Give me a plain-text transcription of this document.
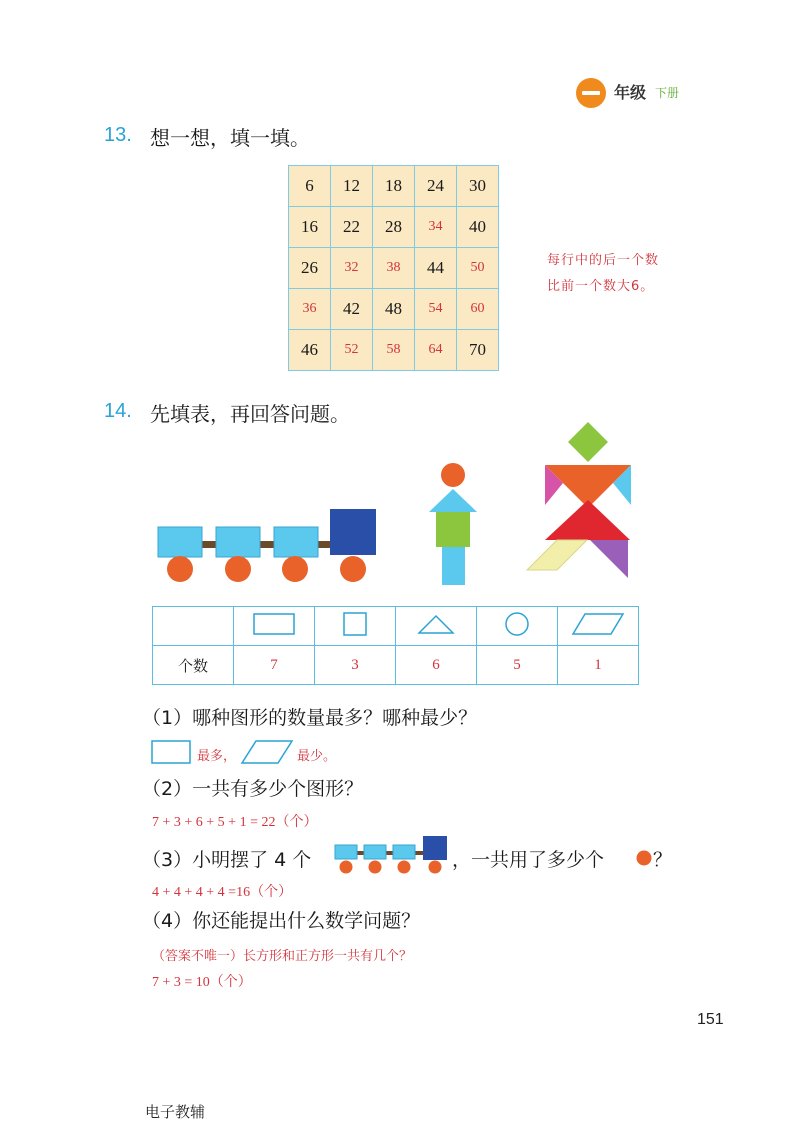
年级 下册
13. 想一想，填一填。
6	12	18	24	30
16	22	28	34	40
26	32	38	44	50
36	42	48	54	60
46	52	58	64	70
每行中的后一个数
比前一个数大6。
14. 先填表，再回答问题。

个数	7	3	6	5	1
（1）哪种图形的数量最多？哪种最少？
最多，	最少。
（2）一共有多少个图形？
7 + 3 + 6 + 5 + 1 = 22（个）
（3）小明摆了 4 个	，一共用了多少个	？
4 + 4 + 4 + 4 =16（个）
（4）你还能提出什么数学问题？
（答案不唯一）长方形和正方形一共有几个？
7 + 3 = 10（个）
151
电子教辅
